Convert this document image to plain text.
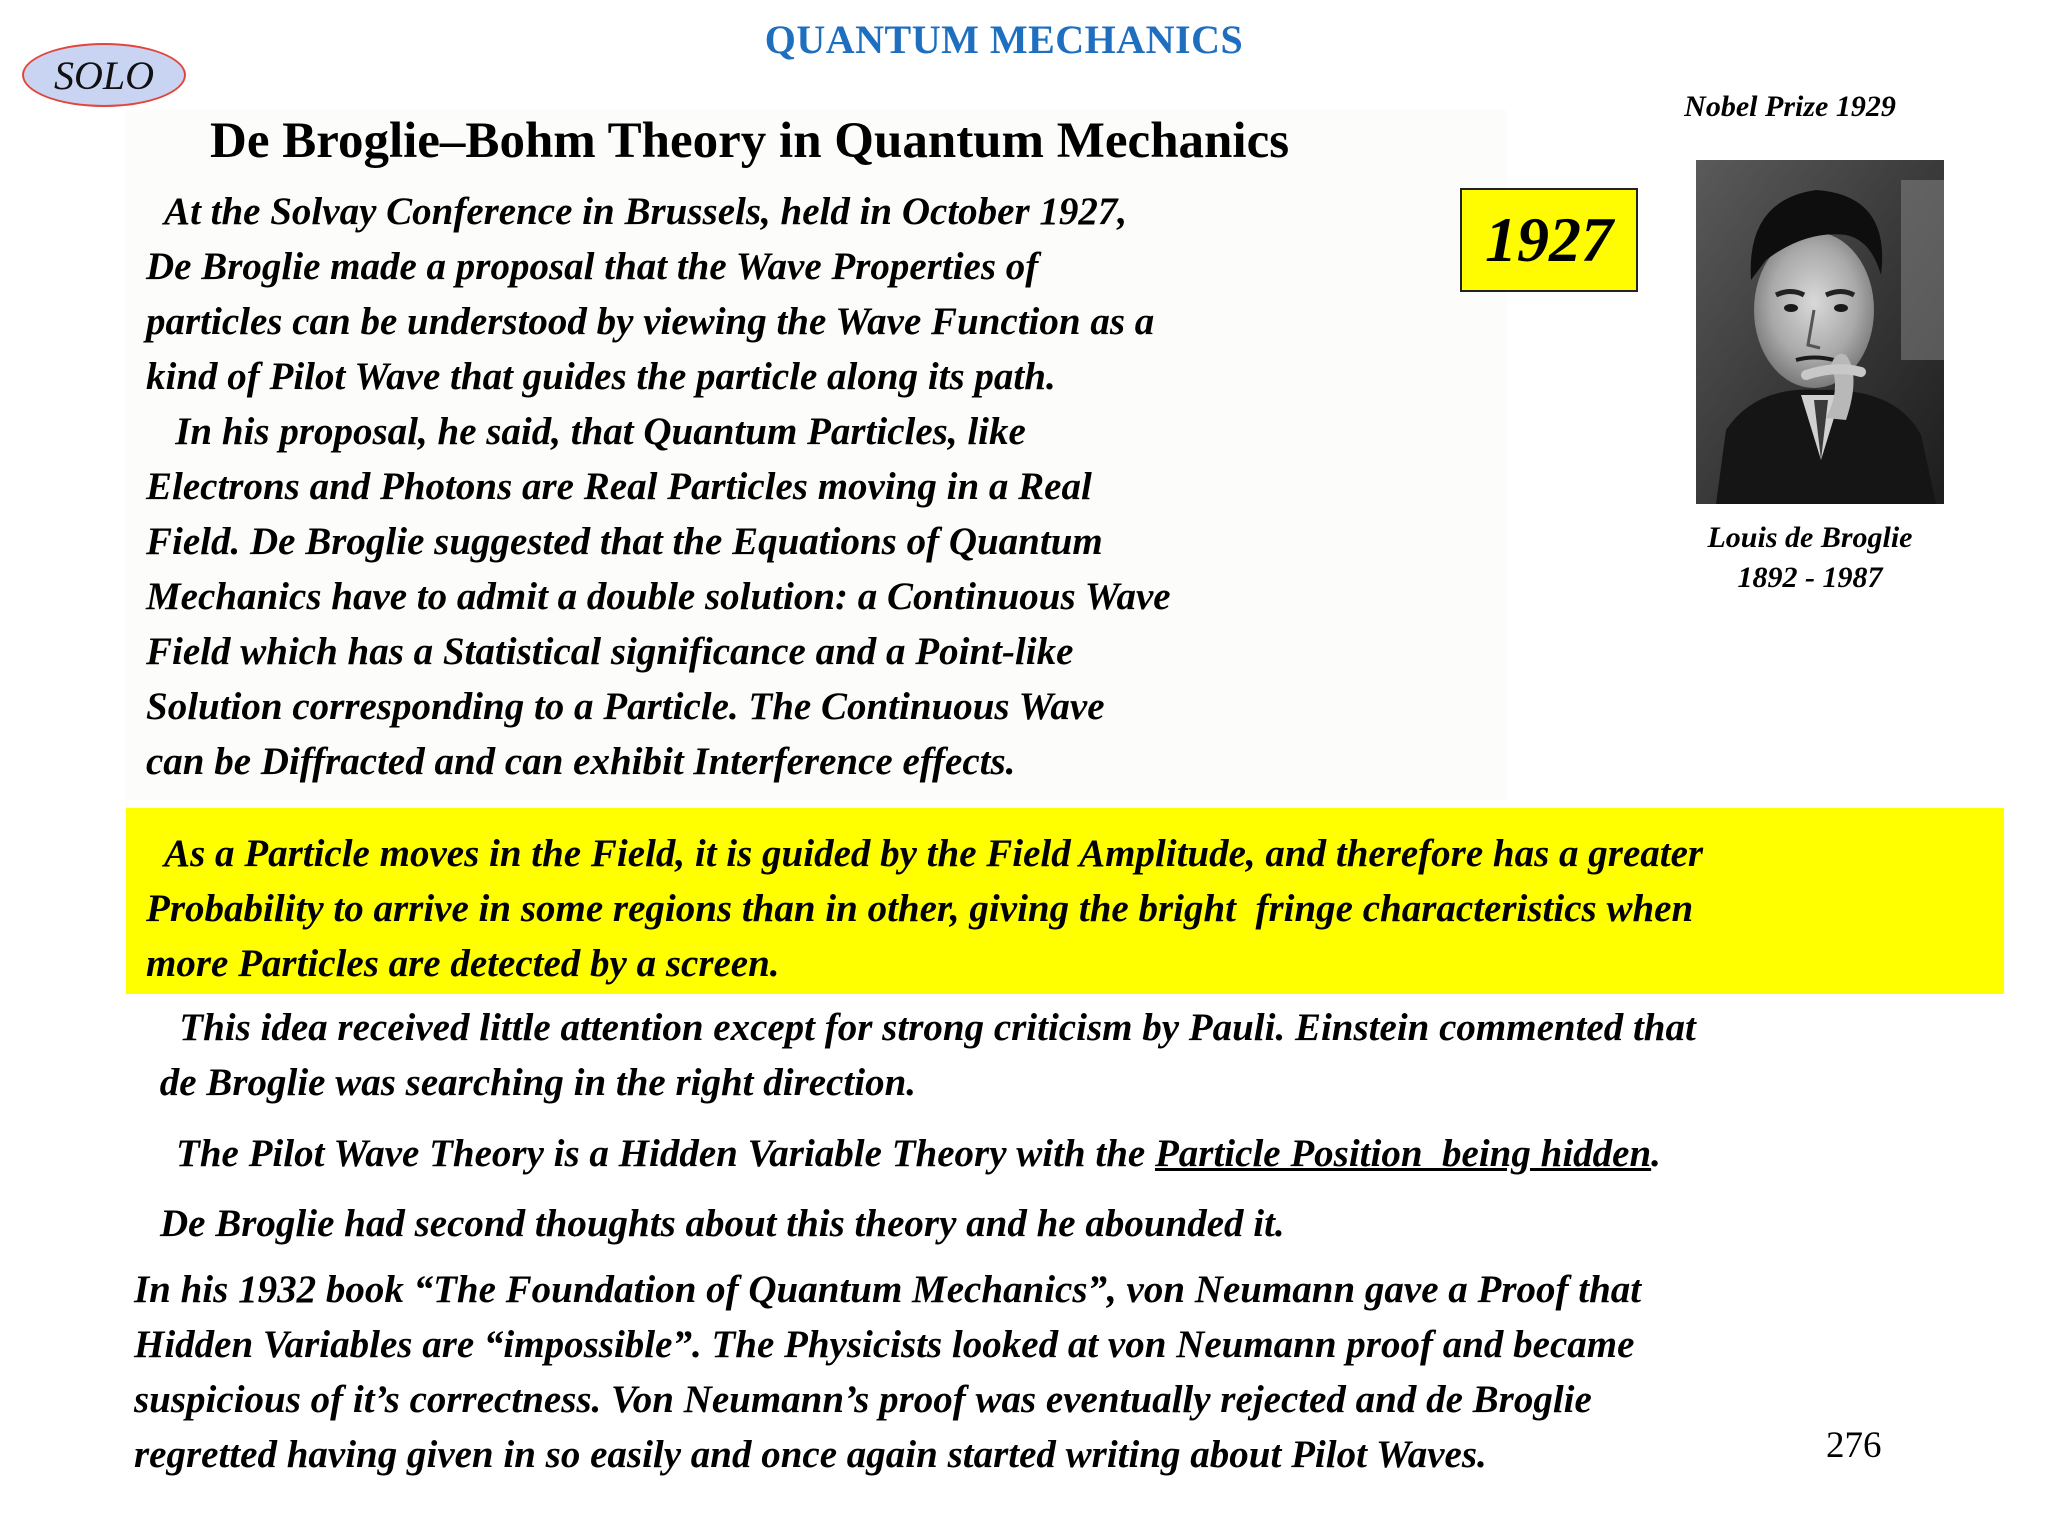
QUANTUM MECHANICS
SOLO
De Broglie–Bohm Theory in Quantum Mechanics
At the Solvay Conference in Brussels, held in October 1927,
De Broglie made a proposal that the Wave Properties of
particles can be understood by viewing the Wave Function as a
kind of Pilot Wave that guides the particle along its path.
In his proposal, he said, that Quantum Particles, like
Electrons and Photons are Real Particles moving in a Real
Field. De Broglie suggested that the Equations of Quantum
Mechanics have to admit a double solution: a Continuous Wave
Field which has a Statistical significance and a Point-like
Solution corresponding to a Particle. The Continuous Wave
can be Diffracted and can exhibit Interference effects.
1927
Nobel Prize 1929
Louis de Broglie
1892 - 1987
As a Particle moves in the Field, it is guided by the Field Amplitude, and therefore has a greater
Probability to arrive in some regions than in other, giving the bright  fringe characteristics when
more Particles are detected by a screen.
This idea received little attention except for strong criticism by Pauli. Einstein commented that
de Broglie was searching in the right direction.
The Pilot Wave Theory is a Hidden Variable Theory with the Particle Position  being hidden.
De Broglie had second thoughts about this theory and he abounded it.
In his 1932 book “The Foundation of Quantum Mechanics”, von Neumann gave a Proof that
Hidden Variables are “impossible”. The Physicists looked at von Neumann proof and became
suspicious of it’s correctness. Von Neumann’s proof was eventually rejected and de Broglie
regretted having given in so easily and once again started writing about Pilot Waves.	276
